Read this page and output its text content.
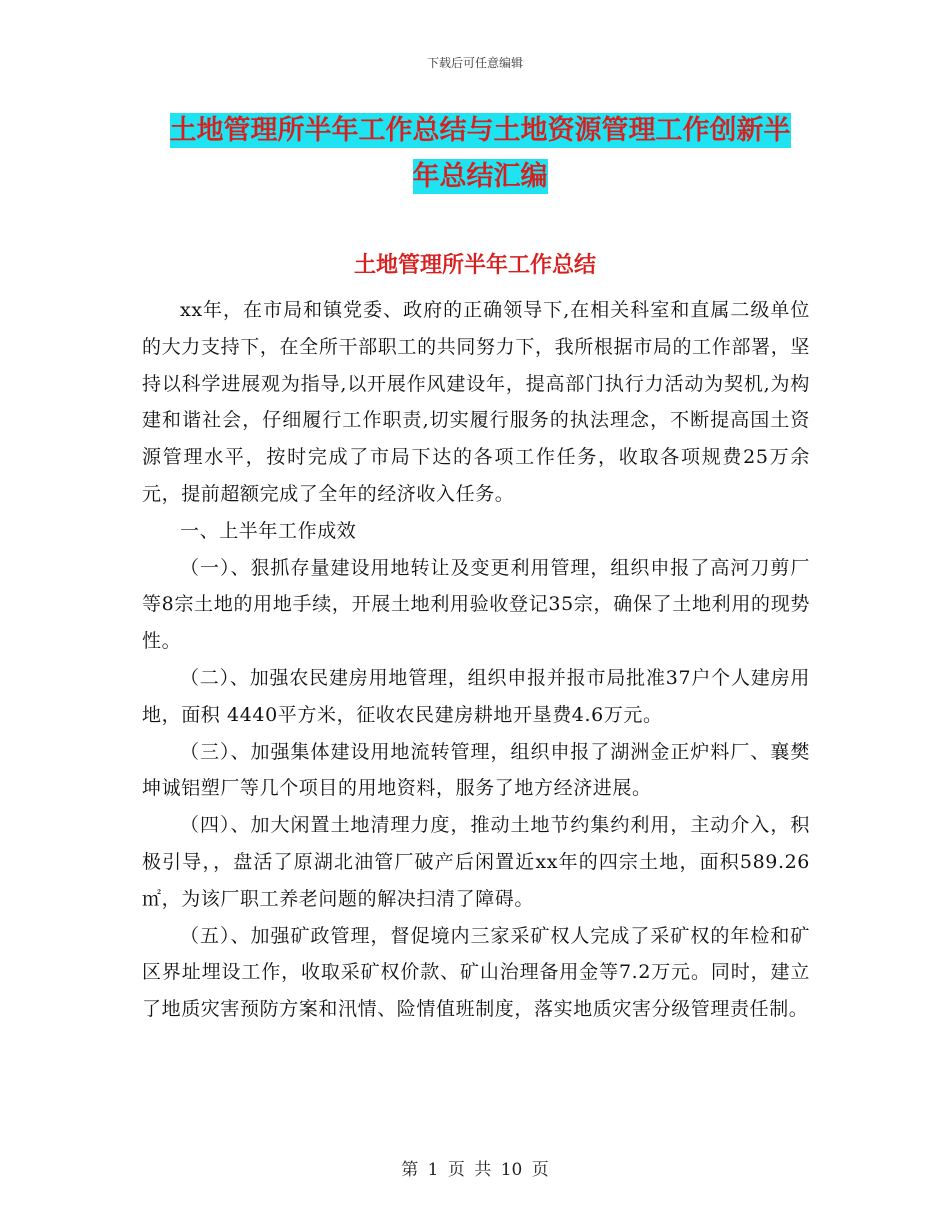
下载后可任意编辑
土地管理所半年工作总结与土地资源管理工作创新半
年总结汇编
土地管理所半年工作总结

xx年，在市局和镇党委、政府的正确领导下,在相关科室和直属二级单位的大力支持下，在全所干部职工的共同努力下，我所根据市局的工作部署，坚持以科学进展观为指导,以开展作风建设年，提高部门执行力活动为契机,为构建和谐社会，仔细履行工作职责,切实履行服务的执法理念，不断提高国土资源管理水平，按时完成了市局下达的各项工作任务，收取各项规费25万余元，提前超额完成了全年的经济收入任务。

一、上半年工作成效

（一）、狠抓存量建设用地转让及变更利用管理，组织申报了高河刀剪厂等8宗土地的用地手续，开展土地利用验收登记35宗，确保了土地利用的现势性。

（二）、加强农民建房用地管理，组织申报并报市局批准37户个人建房用地，面积 4440平方米，征收农民建房耕地开垦费4.6万元。

（三）、加强集体建设用地流转管理，组织申报了湖洲金正炉料厂、襄樊坤诚铝塑厂等几个项目的用地资料，服务了地方经济进展。

（四）、加大闲置土地清理力度，推动土地节约集约利用，主动介入，积极引导，，盘活了原湖北油管厂破产后闲置近xx年的四宗土地，面积589.26㎡，为该厂职工养老问题的解决扫清了障碍。

（五）、加强矿政管理，督促境内三家采矿权人完成了采矿权的年检和矿区界址埋设工作，收取采矿权价款、矿山治理备用金等7.2万元。同时，建立了地质灾害预防方案和汛情、险情值班制度，落实地质灾害分级管理责任制。

第 1 页 共 10 页
